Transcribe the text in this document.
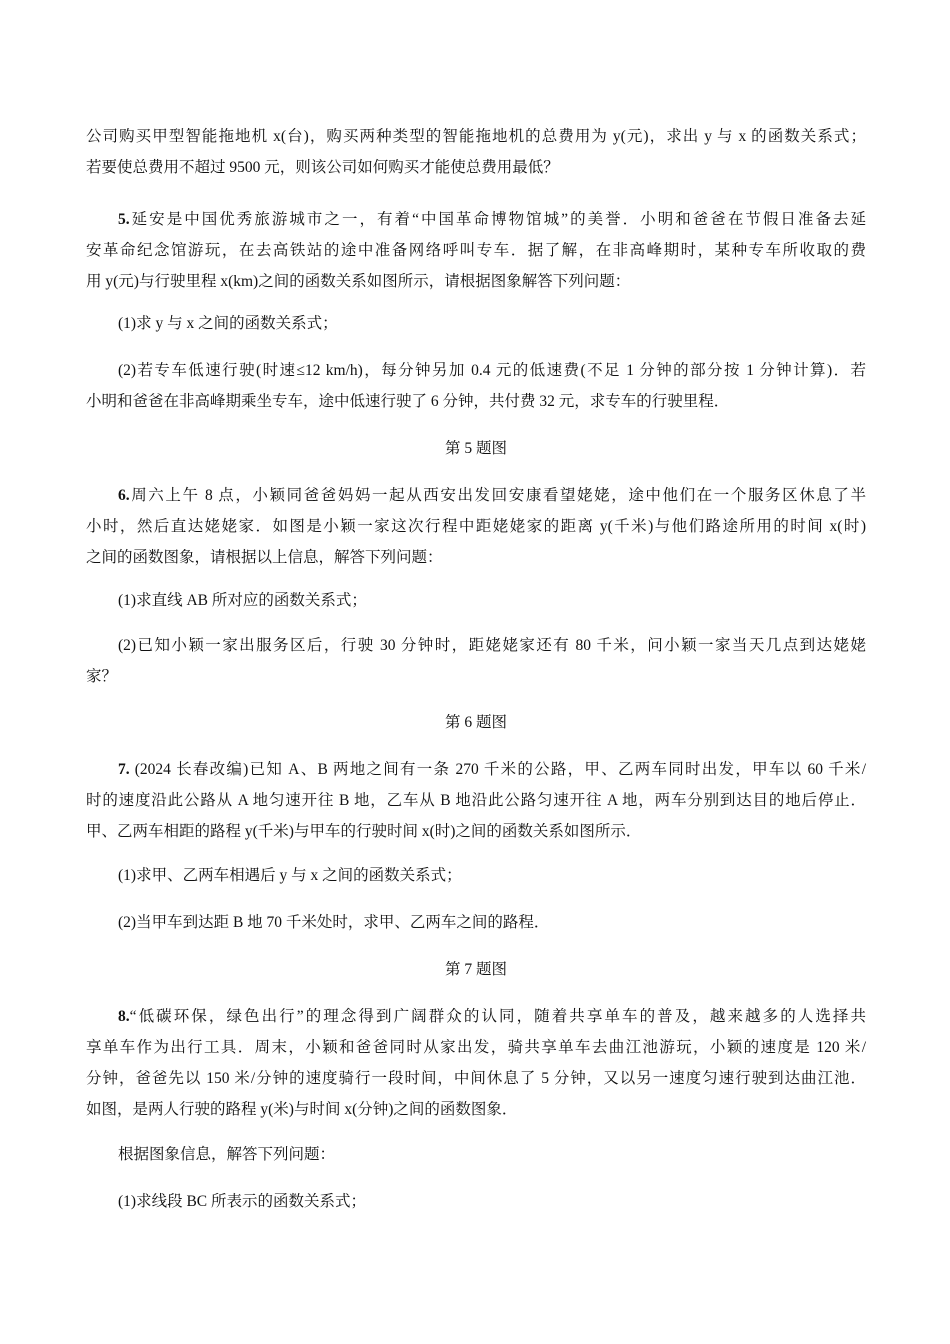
公司购买甲型智能拖地机 x(台)，购买两种类型的智能拖地机的总费用为 y(元)，求出 y 与 x 的函数关系式；
若要使总费用不超过 9500 元，则该公司如何购买才能使总费用最低？
5.延安是中国优秀旅游城市之一，有着“中国革命博物馆城”的美誉．小明和爸爸在节假日准备去延
安革命纪念馆游玩，在去高铁站的途中准备网络呼叫专车．据了解，在非高峰期时，某种专车所收取的费
用 y(元)与行驶里程 x(km)之间的函数关系如图所示，请根据图象解答下列问题：
(1)求 y 与 x 之间的函数关系式；
(2)若专车低速行驶(时速≤12 km/h)，每分钟另加 0.4 元的低速费(不足 1 分钟的部分按 1 分钟计算)．若
小明和爸爸在非高峰期乘坐专车，途中低速行驶了 6 分钟，共付费 32 元，求专车的行驶里程．
第 5 题图
6.周六上午 8 点，小颖同爸爸妈妈一起从西安出发回安康看望姥姥，途中他们在一个服务区休息了半
小时，然后直达姥姥家．如图是小颖一家这次行程中距姥姥家的距离 y(千米)与他们路途所用的时间 x(时)
之间的函数图象，请根据以上信息，解答下列问题：
(1)求直线 AB 所对应的函数关系式；
(2)已知小颖一家出服务区后，行驶 30 分钟时，距姥姥家还有 80 千米，问小颖一家当天几点到达姥姥
家？
第 6 题图
7. (2024 长春改编)已知 A、B 两地之间有一条 270 千米的公路，甲、乙两车同时出发，甲车以 60 千米/
时的速度沿此公路从 A 地匀速开往 B 地，乙车从 B 地沿此公路匀速开往 A 地，两车分别到达目的地后停止．
甲、乙两车相距的路程 y(千米)与甲车的行驶时间 x(时)之间的函数关系如图所示．
(1)求甲、乙两车相遇后 y 与 x 之间的函数关系式；
(2)当甲车到达距 B 地 70 千米处时，求甲、乙两车之间的路程．
第 7 题图
8.“低碳环保，绿色出行”的理念得到广阔群众的认同，随着共享单车的普及，越来越多的人选择共
享单车作为出行工具．周末，小颖和爸爸同时从家出发，骑共享单车去曲江池游玩，小颖的速度是 120 米/
分钟，爸爸先以 150 米/分钟的速度骑行一段时间，中间休息了 5 分钟，又以另一速度匀速行驶到达曲江池．
如图，是两人行驶的路程 y(米)与时间 x(分钟)之间的函数图象．
根据图象信息，解答下列问题：
(1)求线段 BC 所表示的函数关系式；
